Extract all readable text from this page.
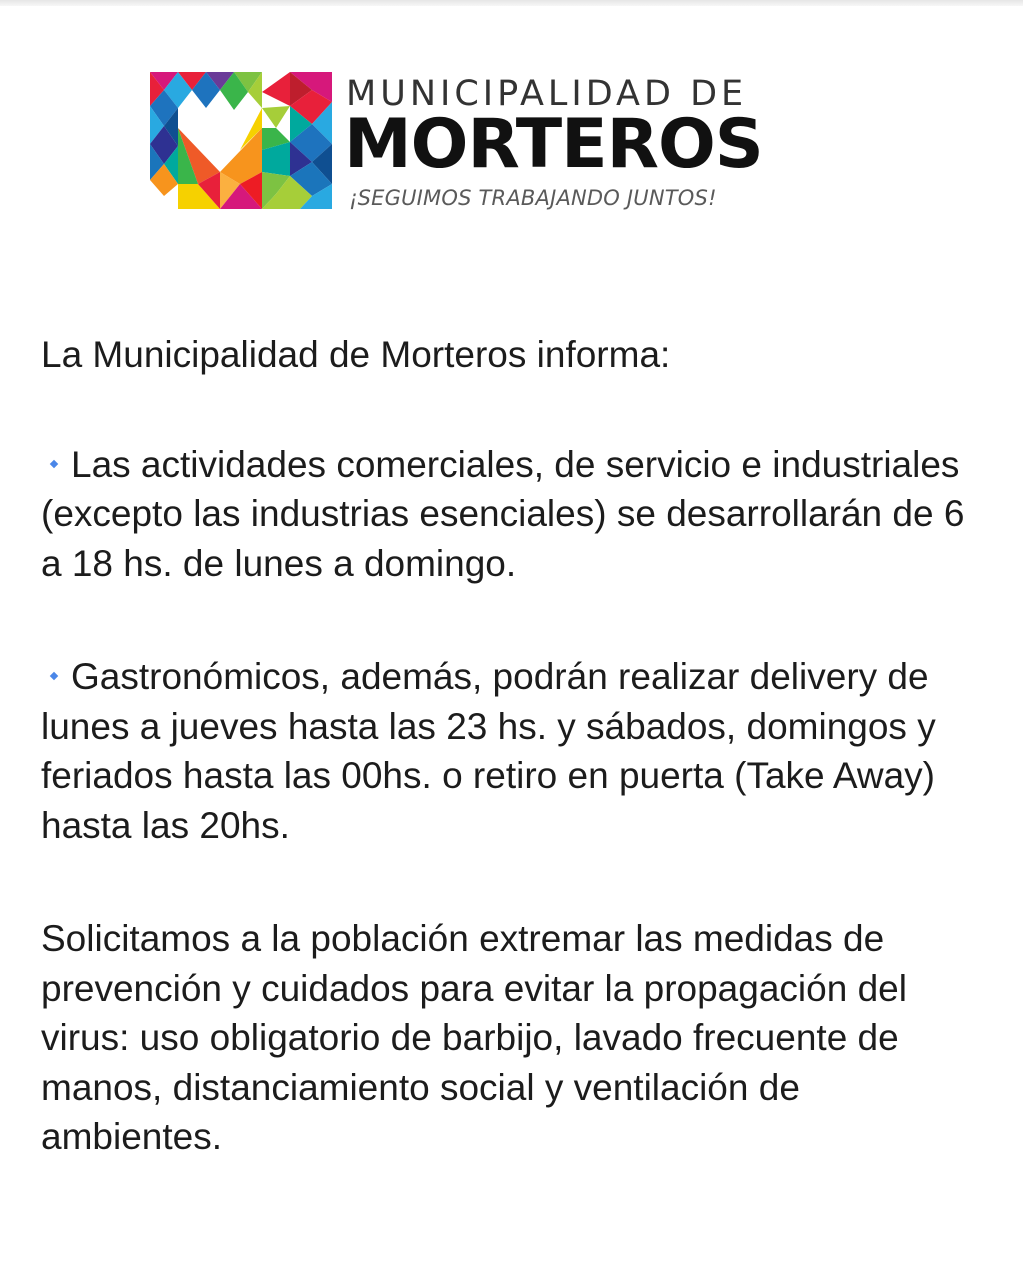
MUNICIPALIDAD DE
MORTEROS
¡SEGUIMOS TRABAJANDO JUNTOS!

La Municipalidad de Morteros informa:

Las actividades comerciales, de servicio e industriales (excepto las industrias esenciales) se desarrollarán de 6 a 18 hs. de lunes a domingo.

Gastronómicos, además, podrán realizar delivery de lunes a jueves hasta las 23 hs. y sábados, domingos y feriados hasta las 00hs. o retiro en puerta (Take Away) hasta las 20hs.

Solicitamos a la población extremar las medidas de prevención y cuidados para evitar la propagación del virus: uso obligatorio de barbijo, lavado frecuente de manos, distanciamiento social y ventilación de ambientes.
